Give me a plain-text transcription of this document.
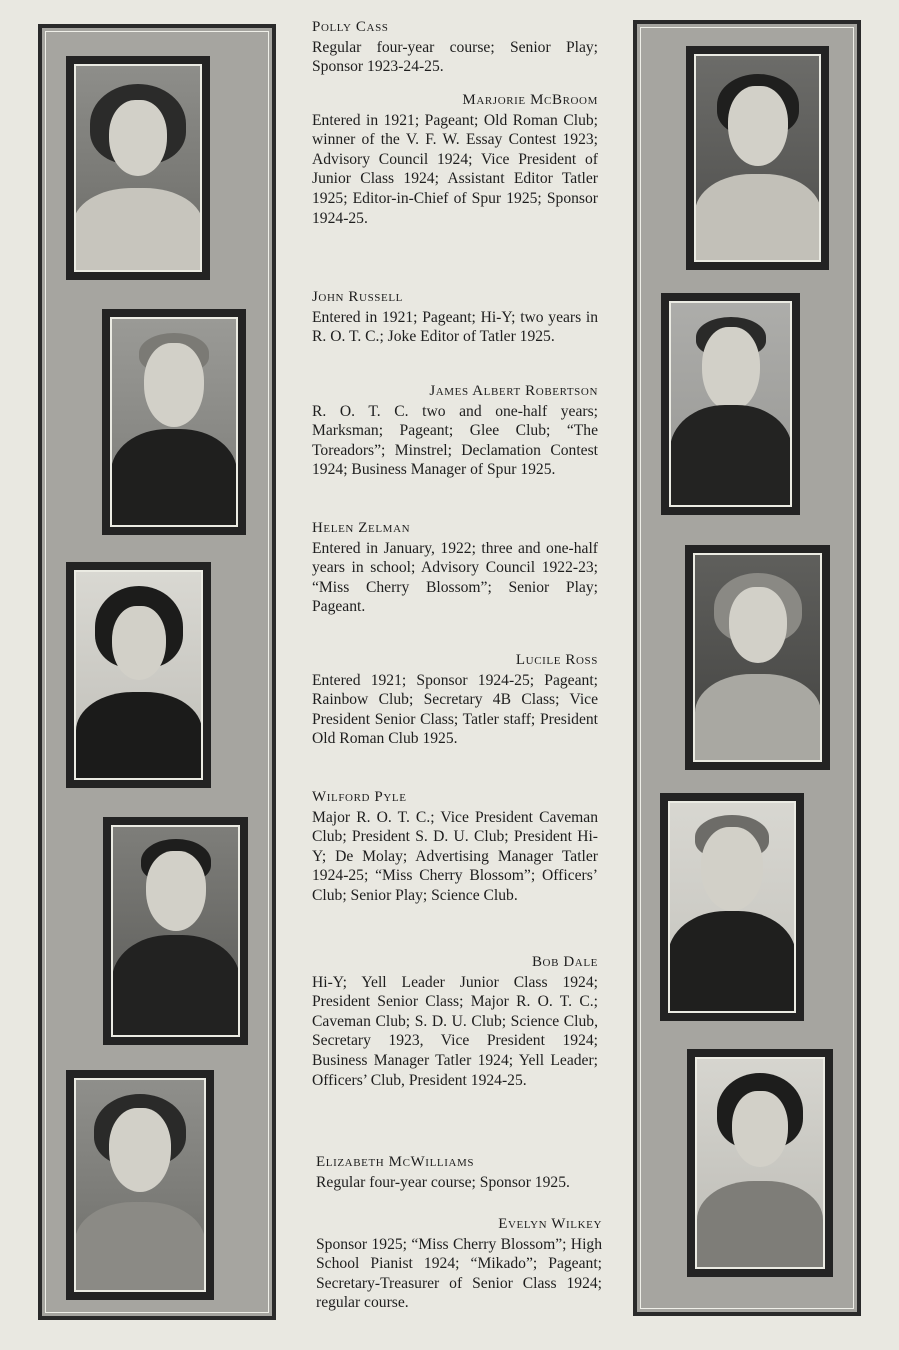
Polly Cass

Regular four-year course; Senior Play; Sponsor 1923-24-25.

Marjorie McBroom

Entered in 1921; Pageant; Old Roman Club; winner of the V. F. W. Essay Contest 1923; Advisory Council 1924; Vice President of Junior Class 1924; Assistant Editor Tatler 1925; Editor-in-Chief of Spur 1925; Sponsor 1924-25.

John Russell

Entered in 1921; Pageant; Hi-Y; two years in R. O. T. C.; Joke Editor of Tatler 1925.

James Albert Robertson

R. O. T. C. two and one-half years; Marksman; Pageant; Glee Club; “The Toreadors”; Minstrel; Declamation Contest 1924; Business Manager of Spur 1925.

Helen Zelman

Entered in January, 1922; three and one-half years in school; Advisory Council 1922-23; “Miss Cherry Blossom”; Senior Play; Pageant.

Lucile Ross

Entered 1921; Sponsor 1924-25; Pageant; Rainbow Club; Secretary 4B Class; Vice President Senior Class; Tatler staff; President Old Roman Club 1925.

Wilford Pyle

Major R. O. T. C.; Vice President Caveman Club; President S. D. U. Club; President Hi-Y; De Molay; Advertising Manager Tatler 1924-25; “Miss Cherry Blossom”; Officers’ Club; Senior Play; Science Club.

Bob Dale

Hi-Y; Yell Leader Junior Class 1924; President Senior Class; Major R. O. T. C.; Caveman Club; S. D. U. Club; Science Club, Secretary 1923, Vice President 1924; Business Manager Tatler 1924; Yell Leader; Officers’ Club, President 1924-25.

Elizabeth McWilliams

Regular four-year course; Sponsor 1925.

Evelyn Wilkey

Sponsor 1925; “Miss Cherry Blossom”; High School Pianist 1924; “Mikado”; Pageant; Secretary-Treasurer of Senior Class 1924; regular course.
